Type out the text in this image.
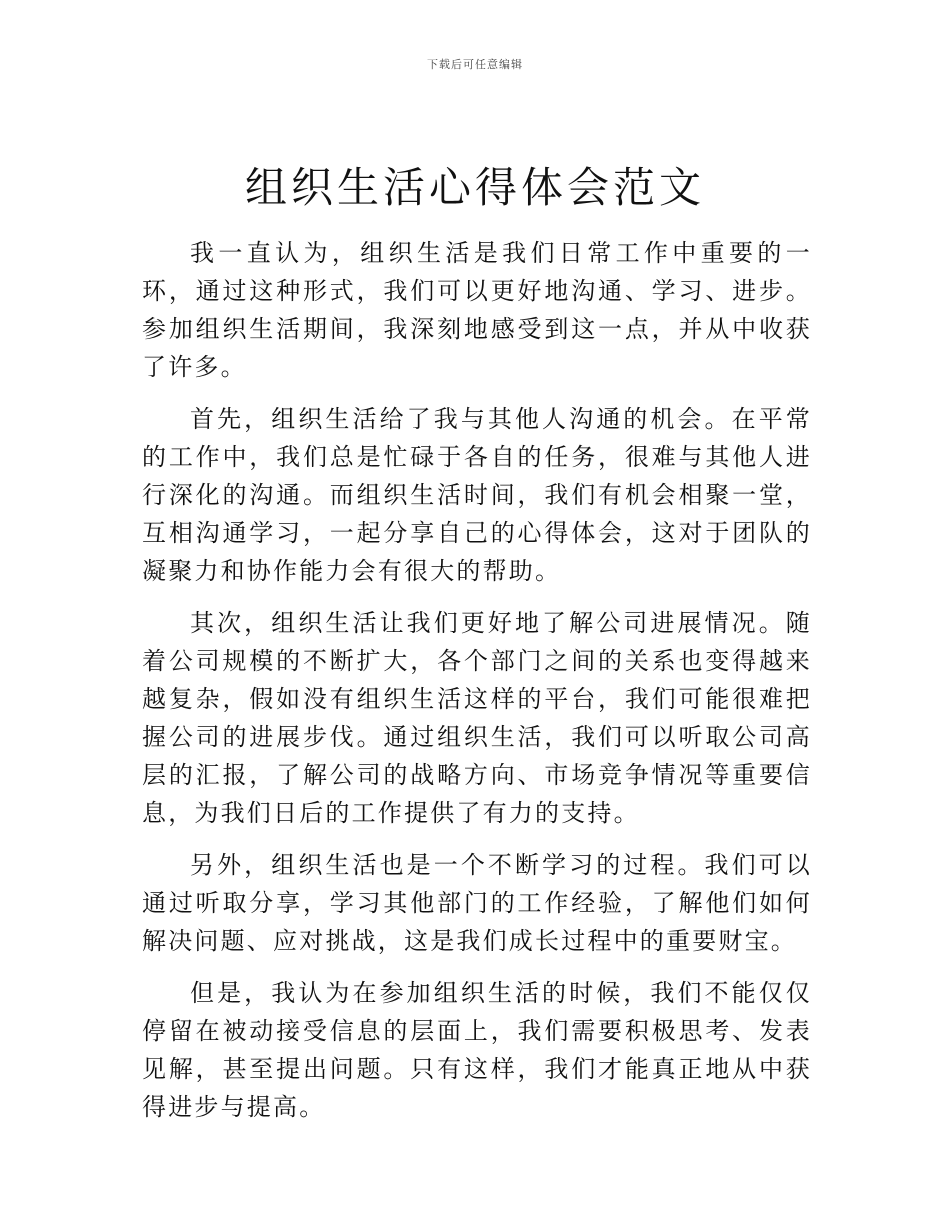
下载后可任意编辑
组织生活心得体会范文

我一直认为，组织生活是我们日常工作中重要的一环，通过这种形式，我们可以更好地沟通、学习、进步。参加组织生活期间，我深刻地感受到这一点，并从中收获了许多。

首先，组织生活给了我与其他人沟通的机会。在平常的工作中，我们总是忙碌于各自的任务，很难与其他人进行深化的沟通。而组织生活时间，我们有机会相聚一堂，互相沟通学习，一起分享自己的心得体会，这对于团队的凝聚力和协作能力会有很大的帮助。

其次，组织生活让我们更好地了解公司进展情况。随着公司规模的不断扩大，各个部门之间的关系也变得越来越复杂，假如没有组织生活这样的平台，我们可能很难把握公司的进展步伐。通过组织生活，我们可以听取公司高层的汇报，了解公司的战略方向、市场竞争情况等重要信息，为我们日后的工作提供了有力的支持。

另外，组织生活也是一个不断学习的过程。我们可以通过听取分享，学习其他部门的工作经验，了解他们如何解决问题、应对挑战，这是我们成长过程中的重要财宝。

但是，我认为在参加组织生活的时候，我们不能仅仅停留在被动接受信息的层面上，我们需要积极思考、发表见解，甚至提出问题。只有这样，我们才能真正地从中获得进步与提高。
